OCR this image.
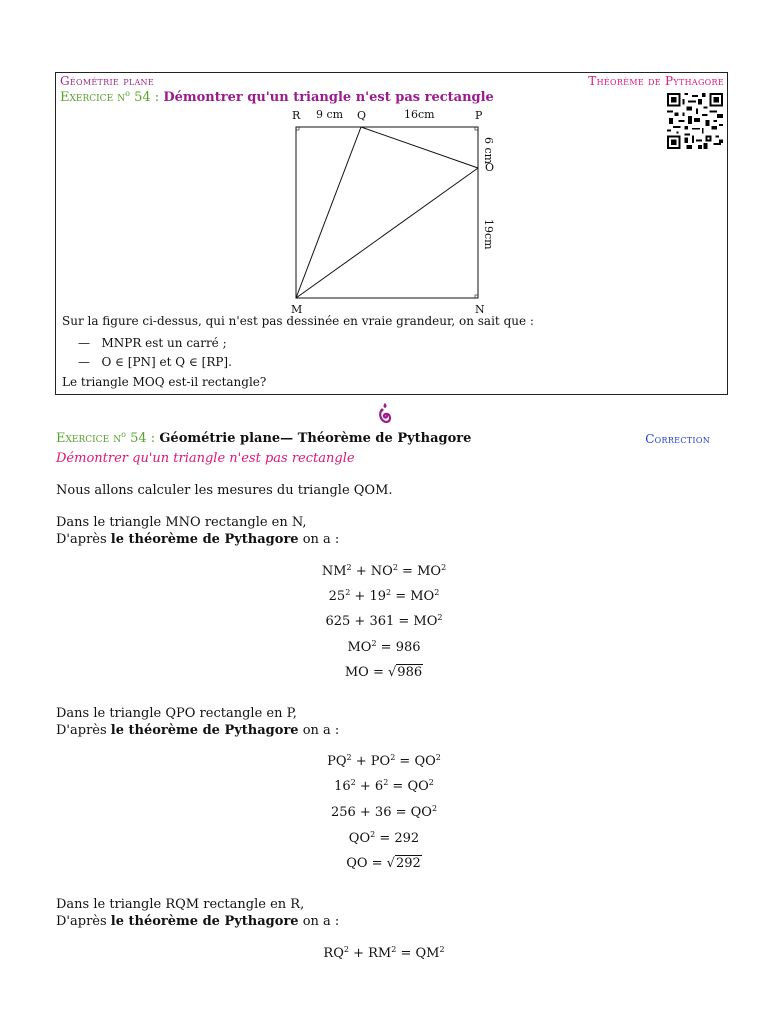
Géométrie plane	Théorème de Pythagore
Exercice $n^o$ 54 : Démontrer qu'un triangle n'est pas rectangle
R	Q	P
O
M	N
9 cm	16cm
6 cm
19cm
Sur la figure ci-dessus, qui n'est pas dessinée en vraie grandeur, on sait que :
—   MNPR est un carré ;
—   O ∈ [PN] et Q ∈ [RP].
Le triangle MOQ est-il rectangle?
Exercice $n^o$ 54 : Géométrie plane— Théorème de Pythagore	Correction
Démontrer qu'un triangle n'est pas rectangle
Nous allons calculer les mesures du triangle QOM.
Dans le triangle MNO rectangle en N,
D'après le théorème de Pythagore on a :
$NM^2 + NO^2 = MO^2$
$25^2 + 19^2 = MO^2$
$625 + 361 = MO^2$
$MO^2 = 986$
MO = √986
Dans le triangle QPO rectangle en P,
D'après le théorème de Pythagore on a :
$PQ^2 + PO^2 = QO^2$
$16^2 + 6^2 = QO^2$
$256 + 36 = QO^2$
$QO^2 = 292$
QO = √292
Dans le triangle RQM rectangle en R,
D'après le théorème de Pythagore on a :
$RQ^2 + RM^2 = QM^2$
